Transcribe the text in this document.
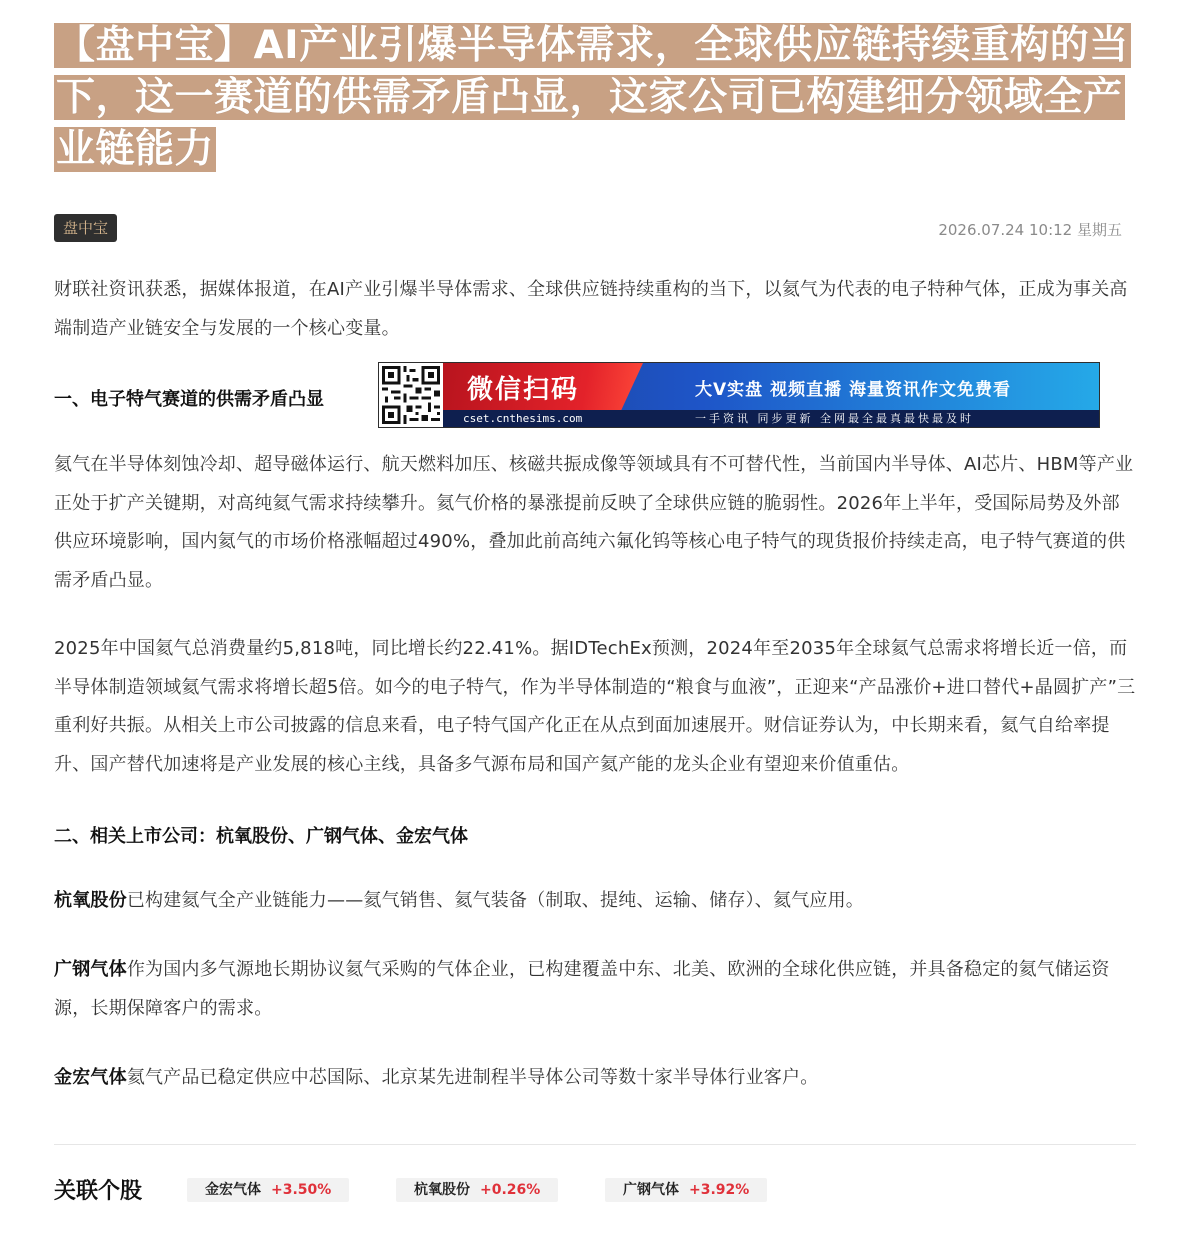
【盘中宝】AI产业引爆半导体需求，全球供应链持续重构的当下，这一赛道的供需矛盾凸显，这家公司已构建细分领域全产业链能力
盘中宝	2026.07.24 10:12 星期五

财联社资讯获悉，据媒体报道，在AI产业引爆半导体需求、全球供应链持续重构的当下，以氦气为代表的电子特种气体，正成为事关高端制造产业链安全与发展的一个核心变量。

一、电子特气赛道的供需矛盾凸显	微信扫码	大V实盘 视频直播 海量资讯作文免费看
cset.cnthesims.com	一手资讯 同步更新 全网最全最真最快最及时

氦气在半导体刻蚀冷却、超导磁体运行、航天燃料加压、核磁共振成像等领域具有不可替代性，当前国内半导体、AI芯片、HBM等产业正处于扩产关键期，对高纯氦气需求持续攀升。氦气价格的暴涨提前反映了全球供应链的脆弱性。2026年上半年，受国际局势及外部供应环境影响，国内氦气的市场价格涨幅超过490%，叠加此前高纯六氟化钨等核心电子特气的现货报价持续走高，电子特气赛道的供需矛盾凸显。

2025年中国氦气总消费量约5,818吨，同比增长约22.41%。据IDTechEx预测，2024年至2035年全球氦气总需求将增长近一倍，而半导体制造领域氦气需求将增长超5倍。如今的电子特气，作为半导体制造的“粮食与血液”，正迎来“产品涨价+进口替代+晶圆扩产”三重利好共振。从相关上市公司披露的信息来看，电子特气国产化正在从点到面加速展开。财信证券认为，中长期来看，氦气自给率提升、国产替代加速将是产业发展的核心主线，具备多气源布局和国产氦产能的龙头企业有望迎来价值重估。

二、相关上市公司：杭氧股份、广钢气体、金宏气体

杭氧股份已构建氦气全产业链能力——氦气销售、氦气装备（制取、提纯、运输、储存）、氦气应用。

广钢气体作为国内多气源地长期协议氦气采购的气体企业，已构建覆盖中东、北美、欧洲的全球化供应链，并具备稳定的氦气储运资源，长期保障客户的需求。

金宏气体氦气产品已稳定供应中芯国际、北京某先进制程半导体公司等数十家半导体行业客户。

关联个股	金宏气体 +3.50%	杭氧股份 +0.26%	广钢气体 +3.92%
